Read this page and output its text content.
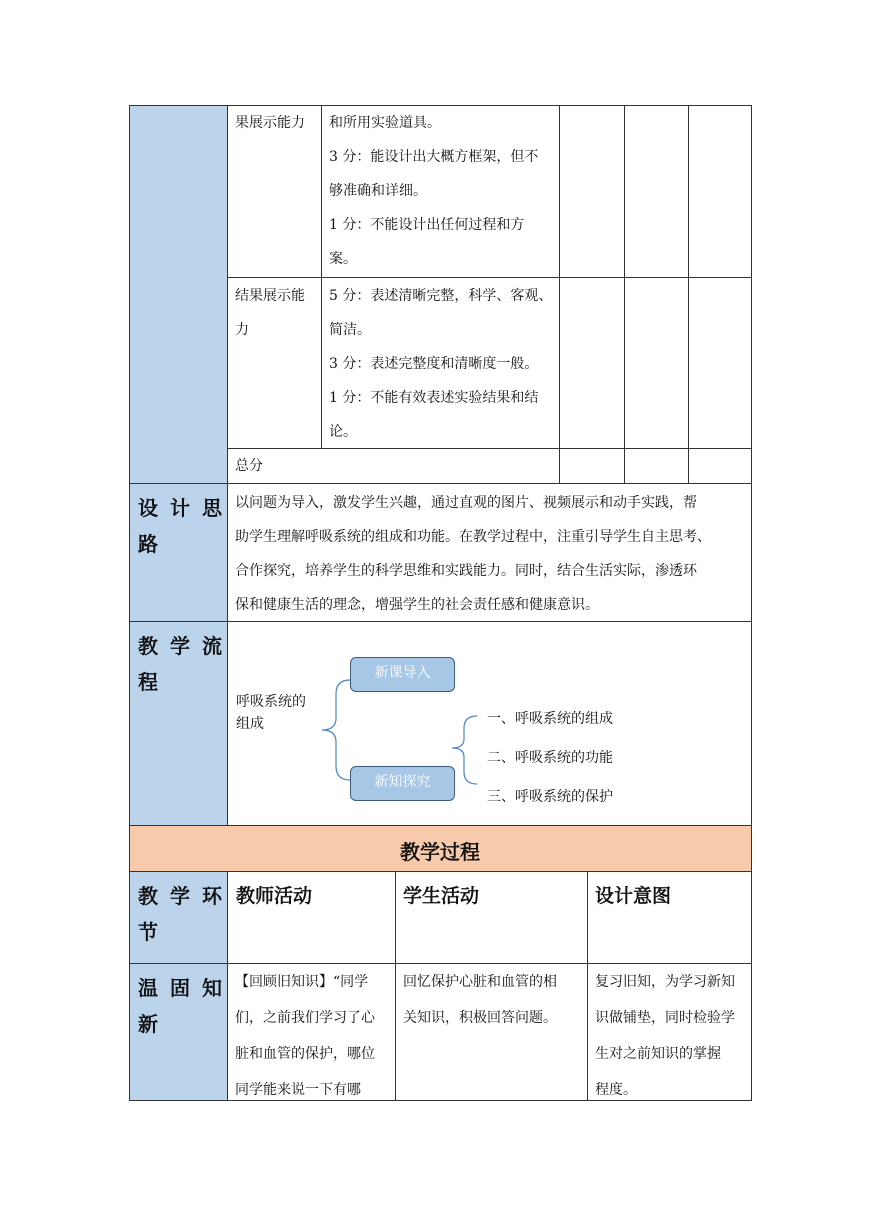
果展示能力 和所用实验道具。
3 分：能设计出大概方框架，但不
够准确和详细。
1 分：不能设计出任何过程和方
案。
结果展示能
力
5 分：表述清晰完整，科学、客观、
简洁。
3 分：表述完整度和清晰度一般。
1 分：不能有效表述实验结果和结
论。
总分
设计思
路
以问题为导入，激发学生兴趣，通过直观的图片、视频展示和动手实践，帮
助学生理解呼吸系统的组成和功能。在教学过程中，注重引导学生自主思考、
合作探究，培养学生的科学思维和实践能力。同时，结合生活实际，渗透环
保和健康生活的理念，增强学生的社会责任感和健康意识。
教学流
程
呼吸系统的
组成
新课导入
新知探究
一、呼吸系统的组成
二、呼吸系统的功能
三、呼吸系统的保护
教学过程
教学环
节
教师活动	学生活动	设计意图
温固知
新
【回顾旧知识】“同学
们，之前我们学习了心
脏和血管的保护，哪位
同学能来说一下有哪
回忆保护心脏和血管的相
关知识，积极回答问题。
复习旧知，为学习新知
识做铺垫，同时检验学
生对之前知识的掌握
程度。
